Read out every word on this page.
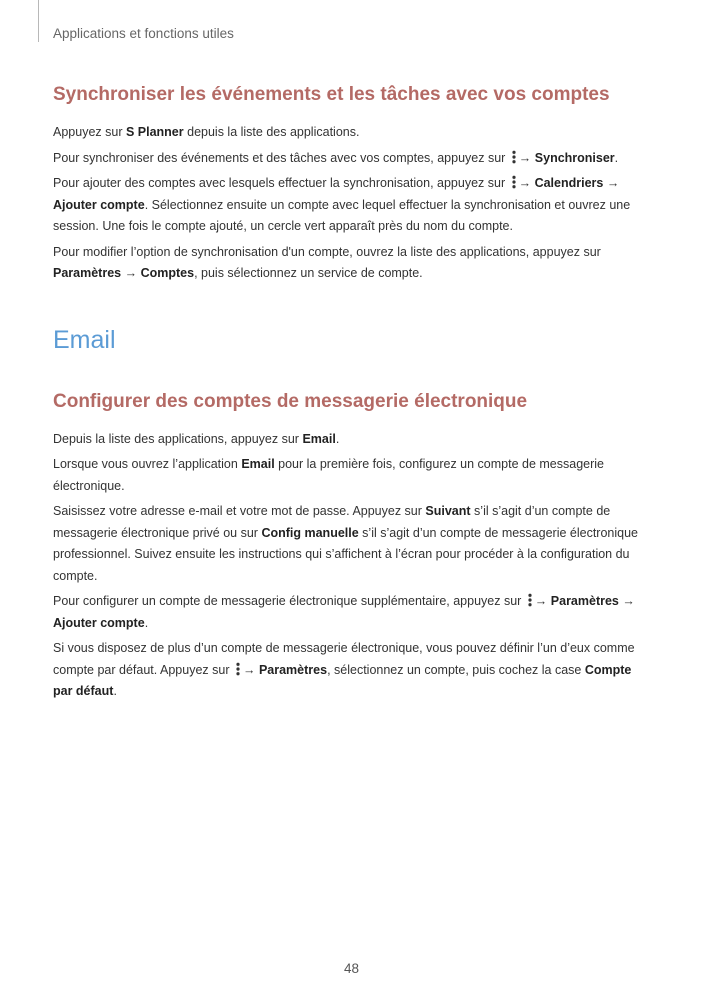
Applications et fonctions utiles
Synchroniser les événements et les tâches avec vos comptes

Appuyez sur S Planner depuis la liste des applications.

Pour synchroniser des événements et des tâches avec vos comptes, appuyez sur → Synchroniser.

Pour ajouter des comptes avec lesquels effectuer la synchronisation, appuyez sur → Calendriers → Ajouter compte. Sélectionnez ensuite un compte avec lequel effectuer la synchronisation et ouvrez une session. Une fois le compte ajouté, un cercle vert apparaît près du nom du compte.

Pour modifier l’option de synchronisation d'un compte, ouvrez la liste des applications, appuyez sur Paramètres → Comptes, puis sélectionnez un service de compte.

Email
Configurer des comptes de messagerie électronique

Depuis la liste des applications, appuyez sur Email.

Lorsque vous ouvrez l’application Email pour la première fois, configurez un compte de messagerie électronique.

Saisissez votre adresse e-mail et votre mot de passe. Appuyez sur Suivant s’il s’agit d’un compte de messagerie électronique privé ou sur Config manuelle s’il s’agit d’un compte de messagerie électronique professionnel. Suivez ensuite les instructions qui s’affichent à l’écran pour procéder à la configuration du compte.

Pour configurer un compte de messagerie électronique supplémentaire, appuyez sur → Paramètres → Ajouter compte.

Si vous disposez de plus d’un compte de messagerie électronique, vous pouvez définir l’un d’eux comme compte par défaut. Appuyez sur → Paramètres, sélectionnez un compte, puis cochez la case Compte par défaut.

48
